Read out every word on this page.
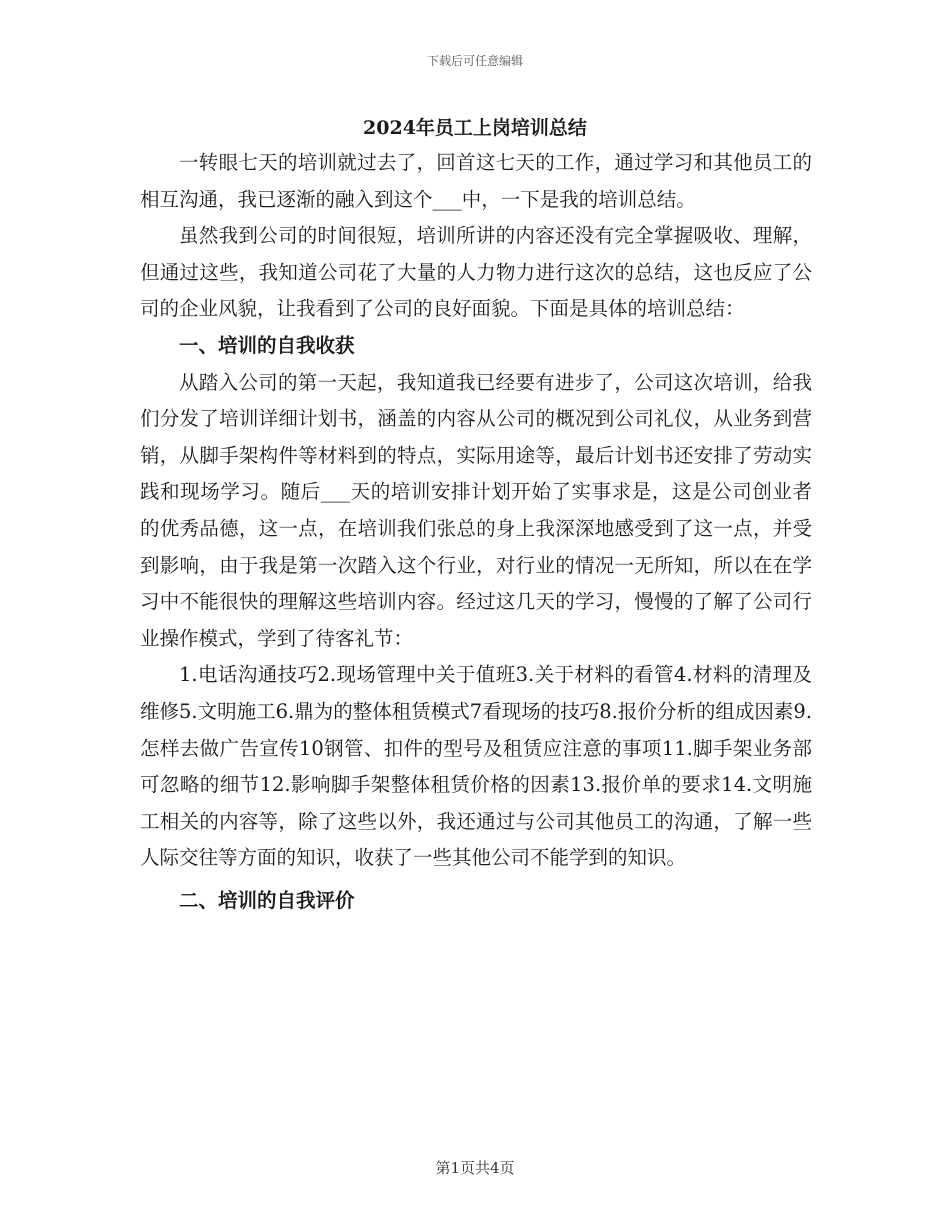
下载后可任意编辑
2024年员工上岗培训总结

一转眼七天的培训就过去了，回首这七天的工作，通过学习和其他员工的相互沟通，我已逐渐的融入到这个___中，一下是我的培训总结。

虽然我到公司的时间很短，培训所讲的内容还没有完全掌握吸收、理解，但通过这些，我知道公司花了大量的人力物力进行这次的总结，这也反应了公司的企业风貌，让我看到了公司的良好面貌。下面是具体的培训总结：

一、培训的自我收获

从踏入公司的第一天起，我知道我已经要有进步了，公司这次培训，给我们分发了培训详细计划书，涵盖的内容从公司的概况到公司礼仪，从业务到营销，从脚手架构件等材料到的特点，实际用途等，最后计划书还安排了劳动实践和现场学习。随后___天的培训安排计划开始了实事求是，这是公司创业者的优秀品德，这一点，在培训我们张总的身上我深深地感受到了这一点，并受到影响，由于我是第一次踏入这个行业，对行业的情况一无所知，所以在在学习中不能很快的理解这些培训内容。经过这几天的学习，慢慢的了解了公司行业操作模式，学到了待客礼节：

1.电话沟通技巧2.现场管理中关于值班3.关于材料的看管4.材料的清理及维修5.文明施工6.鼎为的整体租赁模式7看现场的技巧8.报价分析的组成因素9.怎样去做广告宣传10钢管、扣件的型号及租赁应注意的事项11.脚手架业务部可忽略的细节12.影响脚手架整体租赁价格的因素13.报价单的要求14.文明施工相关的内容等，除了这些以外，我还通过与公司其他员工的沟通，了解一些人际交往等方面的知识，收获了一些其他公司不能学到的知识。

二、培训的自我评价

第1页共4页
